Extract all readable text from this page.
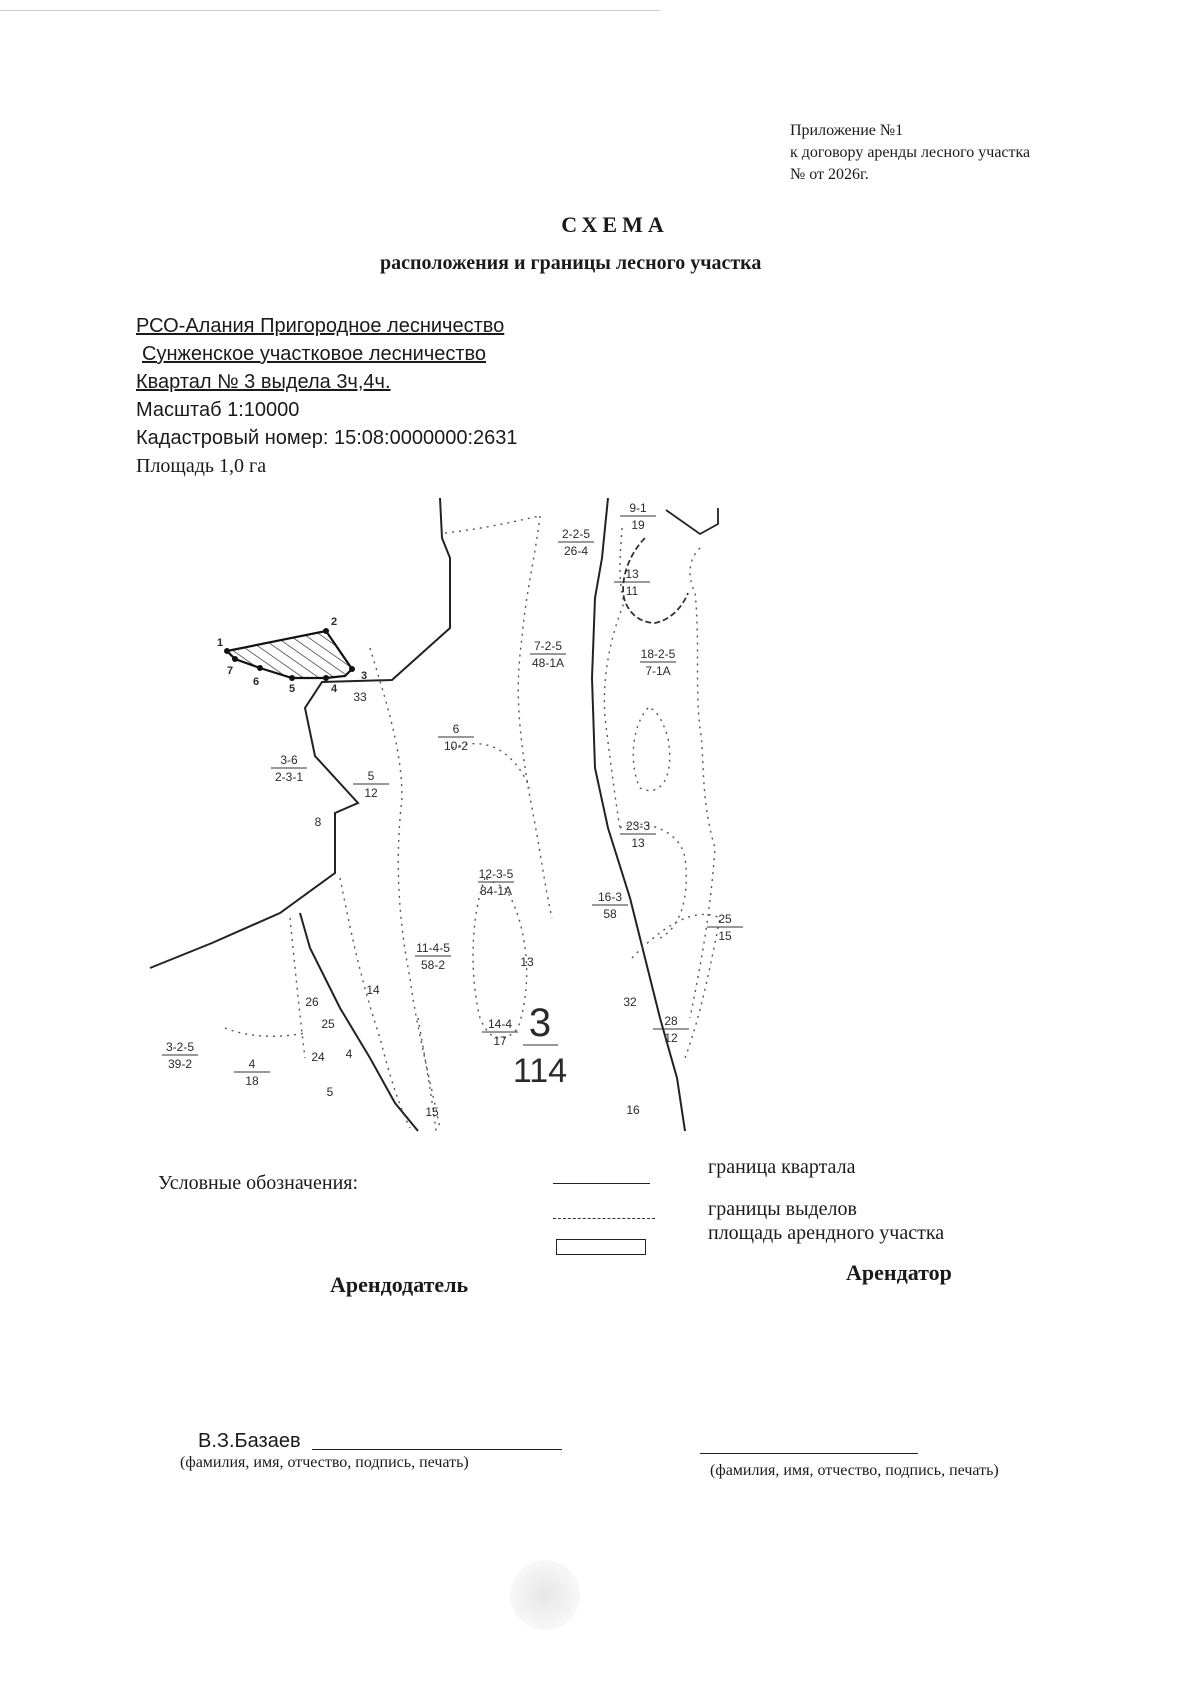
Приложение №1
к договору аренды лесного участка
№ от 2026г.
СХЕМА
расположения и границы лесного участка
РСО-Алания Пригородное лесничество
Сунженское участковое лесничество
Квартал № 3 выдела 3ч,4ч.
Масштаб 1:10000
Кадастровый номер: 15:08:0000000:2631
Площадь 1,0 га
2-2-5
26-4
9-1
19
13
11
7-2-5
48-1А
18-2-5
7-1А
6
10-2
3-6
2-3-1	5
12
23-3
13
12-3-5
84-1А	16-3
58	25
15
11-4-5
58-2
14-4
17
28
12
3-2-5
39-2	4
18
33
8
13
14
32
26
25
24
5
15	16
4
1
2
3
4
5
6
7
3
114
Условные обозначения:
граница квартала
границы выделов
площадь арендного участка
Арендодатель	Арендатор
В.З.Базаев
(фамилия, имя, отчество, подпись, печать)	(фамилия, имя, отчество, подпись, печать)
